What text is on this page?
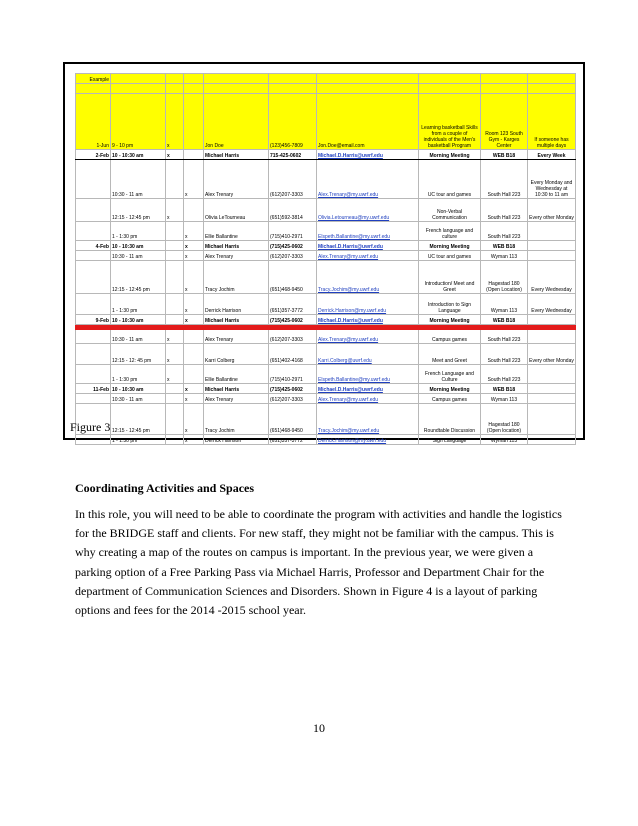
Example									

1-Jun	9 - 10 pm	x		Jon Doe	(123)456-7809	Jon.Doe@email.com	Learning basketball Skills from a couple of individuals of the Men's basketball Program	Room 123 South Gym - Karges Center	If someone has multiple days
2-Feb	10 - 10:30 am	x		Michael Harris	715-425-0602	Michael.D.Harris@uwrf.edu	Morning Meeting	WEB B18	Every Week
	10:30 - 11 am		x	Alex Trenary	(612)207-3303	Alex.Trenary@my.uwrf.edu	UC tour and games	South Hall 223	Every Monday and Wednesday at 10:30 to 11 am
	12:15 - 12:45 pm	x		Olivia LeTourneau	(651)592-3814	Olivia.Letourneau@my.uwrf.edu	Non-Verbal Communication	South Hall 223	Every other Monday
	1 - 1:30 pm		x	Ellie Ballantine	(715)410-2971	Elspeth.Ballantine@my.uwrf.edu	French language and culture	South Hall 223	
4-Feb	10 - 10:30 am		x	Michael Harris	(715)425-0602	Michael.D.Harris@uwrf.edu	Morning Meeting	WEB B18	
	10:30 - 11 am		x	Alex Trenary	(612)207-3303	Alex.Trenary@my.uwrf.edu	UC tour and games	Wyman 113	
	12:15 - 12:45 pm		x	Tracy Jochim	(651)468-9450	Tracy.Jochim@my.uwrf.edu	Introduction/ Meet and Greet	Hagestad 180 (Open Location)	Every Wednesday
	1 - 1:30 pm		x	Derrick Harrison	(651)357-3772	Derrick.Harrison@my.uwrf.edu	Introduction to Sign Language	Wyman 113	Every Wednesday
9-Feb	10 - 10:30 am		x	Michael Harris	(715)425-0602	Michael.D.Harris@uwrf.edu	Morning Meeting	WEB B18	

	10:30 - 11 am	x		Alex Trenary	(612)207-3303	Alex.Trenary@my.uwrf.edu	Campus games	South Hall 223	
	12:15 - 12: 45 pm	x		Karri Colberg	(651)402-4168	Karri.Colberg@uwrf.edu	Meet and Greet	South Hall 223	Every other Monday
	1 - 1:30 pm	x		Ellie Ballantine	(715)410-2971	Elspeth.Ballantine@my.uwrf.edu	French Language and Culture	South Hall 223	
11-Feb	10 - 10:30 am		x	Michael Harris	(715)425-0602	Michael.D.Harris@uwrf.edu	Morning Meeting	WEB B18	
	10:30 - 11 am		x	Alex Trenary	(612)207-3303	Alex.Trenary@my.uwrf.edu	Campus games	Wyman 113	
	12:15 - 12:45 pm		x	Tracy Jochim	(651)468-9450	Tracy.Jochim@my.uwrf.edu	Roundtable Discussion	Hagestad 180 (Open location)	
	1 - 1:30 pm		x	Derrick Harrison	(651)357-3772	Derrick.Harrison@my.uwrf.edu	Sign Language	Wyman 113	
Figure 3
Coordinating Activities and Spaces

In this role, you will need to be able to coordinate the program with activities and handle the logistics for the BRIDGE staff and clients. For new staff, they might not be familiar with the campus. This is why creating a map of the routes on campus is important. In the previous year, we were given a parking option of a Free Parking Pass via Michael Harris, Professor and Department Chair for the department of Communication Sciences and Disorders. Shown in Figure 4 is a layout of parking options and fees for the 2014 -2015 school year.

10
